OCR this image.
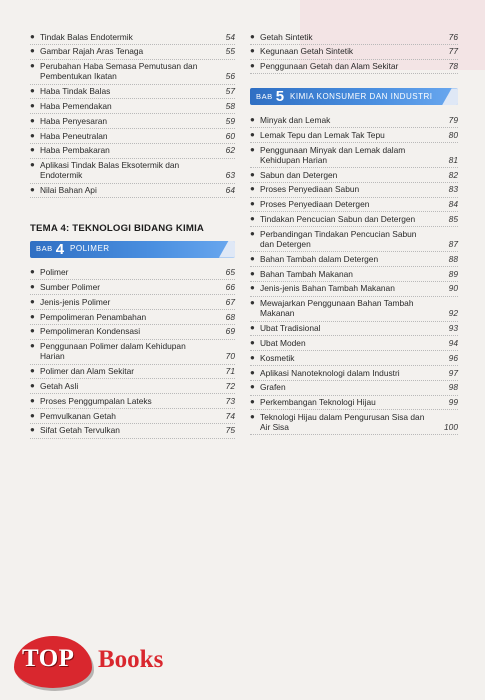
● Tindak Balas Endotermik	54
● Gambar Rajah Aras Tenaga	55
● Perubahan Haba Semasa Pemutusan dan Pembentukan Ikatan	56
● Haba Tindak Balas	57
● Haba Pemendakan	58
● Haba Penyesaran	59
● Haba Peneutralan	60
● Haba Pembakaran	62
● Aplikasi Tindak Balas Eksotermik dan Endotermik	63
● Nilai Bahan Api	64
TEMA 4: TEKNOLOGI BIDANG KIMIA
BAB 4 POLIMER
● Polimer	65
● Sumber Polimer	66
● Jenis-jenis Polimer	67
● Pempolimeran Penambahan	68
● Pempolimeran Kondensasi	69
● Penggunaan Polimer dalam Kehidupan Harian	70
● Polimer dan Alam Sekitar	71
● Getah Asli	72
● Proses Penggumpalan Lateks	73
● Pemvulkanan Getah	74
● Sifat Getah Tervulkan	75
● Getah Sintetik	76
● Kegunaan Getah Sintetik	77
● Penggunaan Getah dan Alam Sekitar	78
BAB 5 KIMIA KONSUMER DAN INDUSTRI
● Minyak dan Lemak	79
● Lemak Tepu dan Lemak Tak Tepu	80
● Penggunaan Minyak dan Lemak dalam Kehidupan Harian	81
● Sabun dan Detergen	82
● Proses Penyediaan Sabun	83
● Proses Penyediaan Detergen	84
● Tindakan Pencucian Sabun dan Detergen	85
● Perbandingan Tindakan Pencucian Sabun dan Detergen	87
● Bahan Tambah dalam Detergen	88
● Bahan Tambah Makanan	89
● Jenis-jenis Bahan Tambah Makanan	90
● Mewajarkan Penggunaan Bahan Tambah Makanan	92
● Ubat Tradisional	93
● Ubat Moden	94
● Kosmetik	96
● Aplikasi Nanoteknologi dalam Industri	97
● Grafen	98
● Perkembangan Teknologi Hijau	99
● Teknologi Hijau dalam Pengurusan Sisa dan Air Sisa	100
TOP Books
